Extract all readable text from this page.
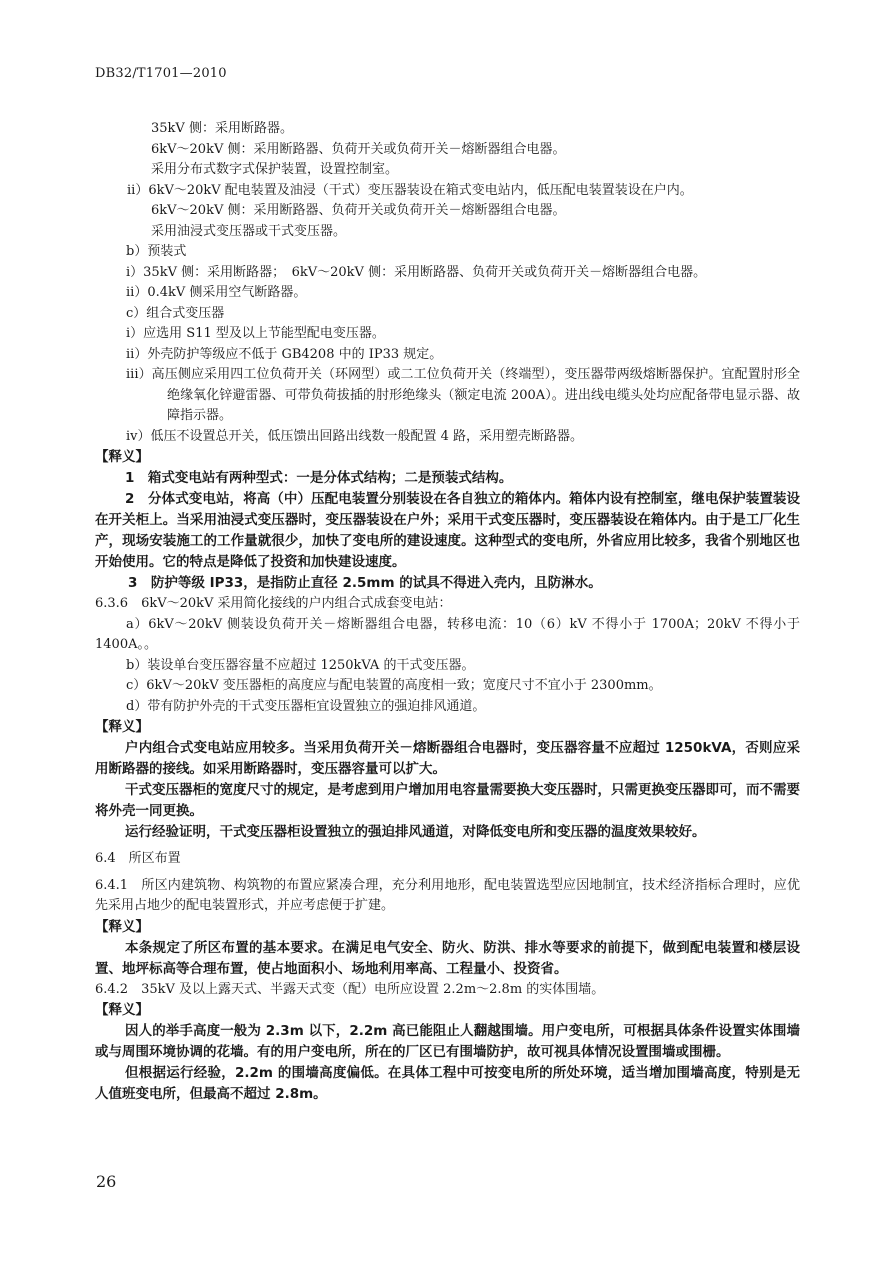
DB32/T1701—2010
35kV 侧：采用断路器。
6kV～20kV 侧：采用断路器、负荷开关或负荷开关－熔断器组合电器。
采用分布式数字式保护装置，设置控制室。
ii）6kV～20kV 配电装置及油浸（干式）变压器装设在箱式变电站内，低压配电装置装设在户内。
6kV～20kV 侧：采用断路器、负荷开关或负荷开关－熔断器组合电器。
采用油浸式变压器或干式变压器。
b）预装式
i）35kV 侧：采用断路器；　6kV～20kV 侧：采用断路器、负荷开关或负荷开关－熔断器组合电器。
ii）0.4kV 侧采用空气断路器。
c）组合式变压器
i）应选用 S11 型及以上节能型配电变压器。
ii）外壳防护等级应不低于 GB4208 中的 IP33 规定。
iii）高压侧应采用四工位负荷开关（环网型）或二工位负荷开关（终端型），变压器带两级熔断器保护。宜配置肘形全绝缘氧化锌避雷器、可带负荷拔插的肘形绝缘头（额定电流 200A）。进出线电缆头处均应配备带电显示器、故障指示器。
iv）低压不设置总开关，低压馈出回路出线数一般配置 4 路，采用塑壳断路器。
【释义】
1　箱式变电站有两种型式：一是分体式结构；二是预装式结构。
2　分体式变电站，将高（中）压配电装置分别装设在各自独立的箱体内。箱体内设有控制室，继电保护装置装设在开关柜上。当采用油浸式变压器时，变压器装设在户外；采用干式变压器时，变压器装设在箱体内。由于是工厂化生产，现场安装施工的工作量就很少，加快了变电所的建设速度。这种型式的变电所，外省应用比较多，我省个别地区也开始使用。它的特点是降低了投资和加快建设速度。
3　防护等级 IP33，是指防止直径 2.5mm 的试具不得进入壳内，且防淋水。
6.3.6　6kV～20kV 采用简化接线的户内组合式成套变电站：
a）6kV～20kV 侧装设负荷开关－熔断器组合电器，转移电流：10（6）kV 不得小于 1700A；20kV 不得小于 1400A。。
b）装设单台变压器容量不应超过 1250kVA 的干式变压器。
c）6kV～20kV 变压器柜的高度应与配电装置的高度相一致；宽度尺寸不宜小于 2300mm。
d）带有防护外壳的干式变压器柜宜设置独立的强迫排风通道。
【释义】
户内组合式变电站应用较多。当采用负荷开关－熔断器组合电器时，变压器容量不应超过 1250kVA，否则应采用断路器的接线。如采用断路器时，变压器容量可以扩大。
干式变压器柜的宽度尺寸的规定，是考虑到用户增加用电容量需要换大变压器时，只需更换变压器即可，而不需要将外壳一同更换。
运行经验证明，干式变压器柜设置独立的强迫排风通道，对降低变电所和变压器的温度效果较好。
6.4　所区布置
6.4.1　所区内建筑物、构筑物的布置应紧凑合理，充分利用地形，配电装置选型应因地制宜，技术经济指标合理时，应优先采用占地少的配电装置形式，并应考虑便于扩建。
【释义】
本条规定了所区布置的基本要求。在满足电气安全、防火、防洪、排水等要求的前提下，做到配电装置和楼层设置、地坪标高等合理布置，使占地面积小、场地利用率高、工程量小、投资省。
6.4.2　35kV 及以上露天式、半露天式变（配）电所应设置 2.2m～2.8m 的实体围墙。
【释义】
因人的举手高度一般为 2.3m 以下，2.2m 高已能阻止人翻越围墙。用户变电所，可根据具体条件设置实体围墙或与周围环境协调的花墙。有的用户变电所，所在的厂区已有围墙防护，故可视具体情况设置围墙或围栅。
但根据运行经验，2.2m 的围墙高度偏低。在具体工程中可按变电所的所处环境，适当增加围墙高度，特别是无人值班变电所，但最高不超过 2.8m。
26
